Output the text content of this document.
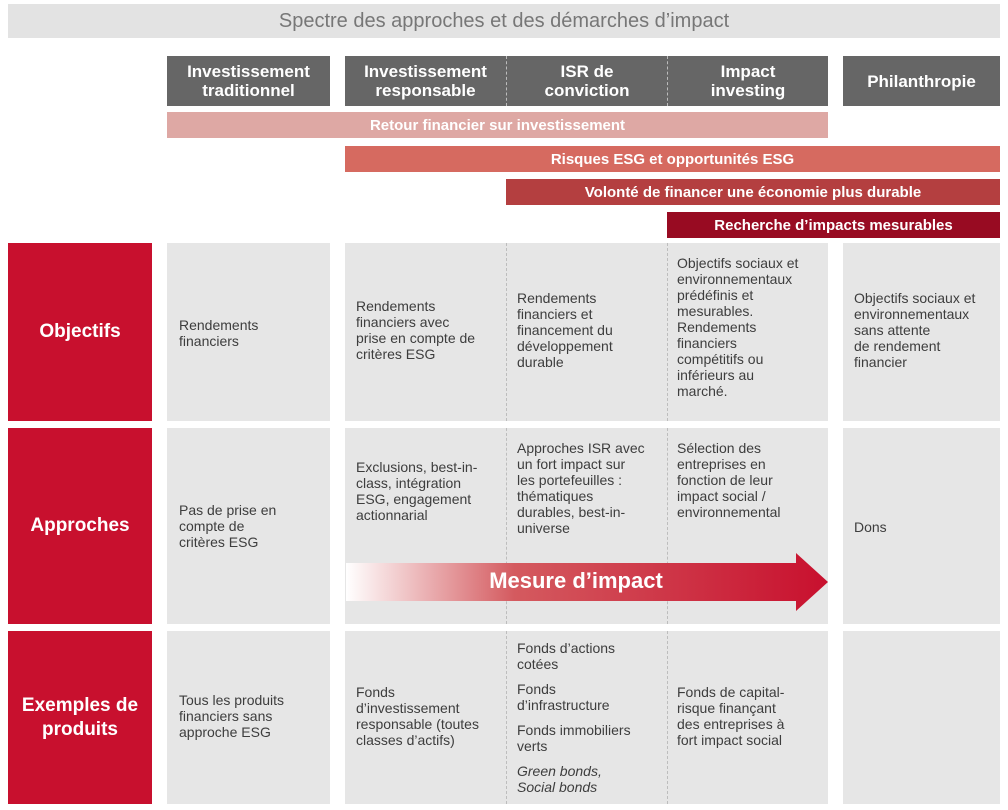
Spectre des approches et des démarches d’impact
Investissement
traditionnel
Investissement
responsable
ISR de
conviction
Impact
investing	Philanthropie
Retour financier sur investissement
Risques ESG et opportunités ESG
Volonté de financer une économie plus durable
Recherche d’impacts mesurables
Objectifs
Approches
Exemples de
produits
Rendements
financiers
Rendements
financiers avec
prise en compte de
critères ESG
Rendements
financiers et
financement du
développement
durable
Objectifs sociaux et
environnementaux
prédéfinis et
mesurables.
Rendements
financiers
compétitifs ou
inférieurs au
marché.
Objectifs sociaux et
environnementaux
sans attente
de rendement
financier
Pas de prise en
compte de
critères ESG
Exclusions, best-in-
class, intégration
ESG, engagement
actionnarial
Approches ISR avec
un fort impact sur
les portefeuilles :
thématiques
durables, best-in-
universe
Sélection des
entreprises en
fonction de leur
impact social /
environnemental
Dons
Mesure d’impact
Tous les produits
financiers sans
approche ESG
Fonds
d’investissement
responsable (toutes
classes d’actifs)
Fonds d’actions
cotées
Fonds
d’infrastructure
Fonds immobiliers
verts
Green bonds,
Social bonds
Fonds de capital-
risque finançant
des entreprises à
fort impact social
